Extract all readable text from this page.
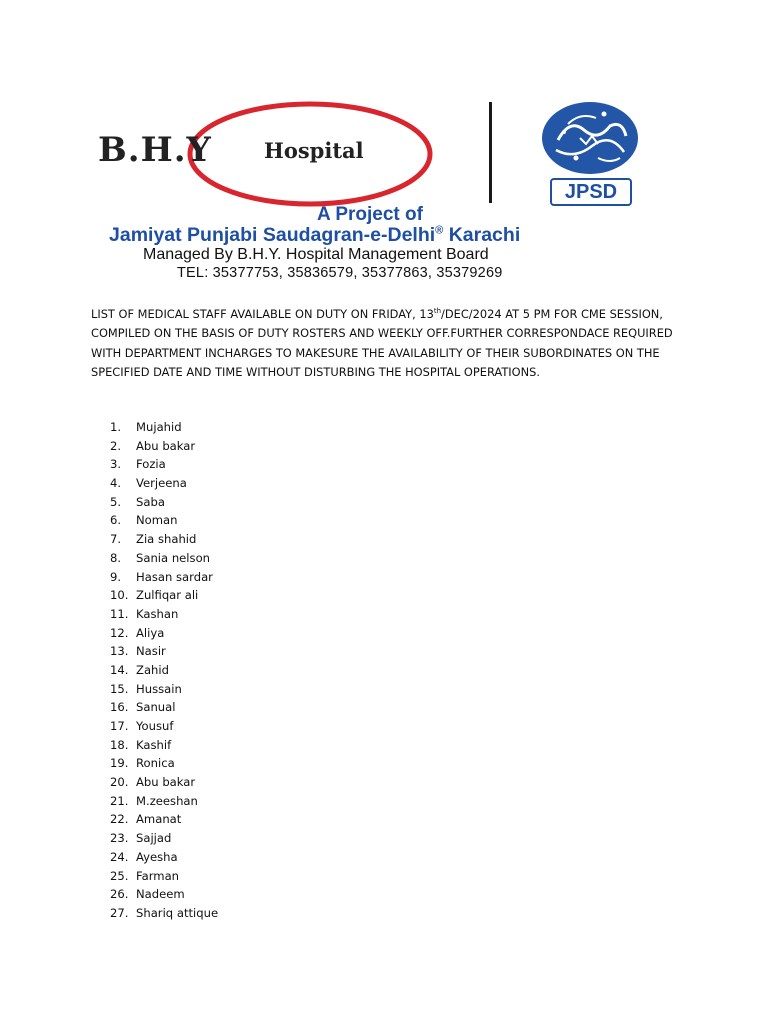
B.H.Y Hospital
JPSD
A Project of
Jamiyat Punjabi Saudagran-e-Delhi® Karachi
Managed By B.H.Y. Hospital Management Board
TEL: 35377753, 35836579, 35377863, 35379269
LIST OF MEDICAL STAFF AVAILABLE ON DUTY ON FRIDAY, 13th/DEC/2024 AT 5 PM FOR CME SESSION, COMPILED ON THE BASIS OF DUTY ROSTERS AND WEEKLY OFF.FURTHER CORRESPONDACE REQUIRED WITH DEPARTMENT INCHARGES TO MAKESURE THE AVAILABILITY OF THEIR SUBORDINATES ON THE SPECIFIED DATE AND TIME WITHOUT DISTURBING THE HOSPITAL OPERATIONS.
1. Mujahid
2. Abu bakar
3. Fozia
4. Verjeena
5. Saba
6. Noman
7. Zia shahid
8. Sania nelson
9. Hasan sardar
10. Zulfiqar ali
11. Kashan
12. Aliya
13. Nasir
14. Zahid
15. Hussain
16. Sanual
17. Yousuf
18. Kashif
19. Ronica
20. Abu bakar
21. M.zeeshan
22. Amanat
23. Sajjad
24. Ayesha
25. Farman
26. Nadeem
27. Shariq attique
